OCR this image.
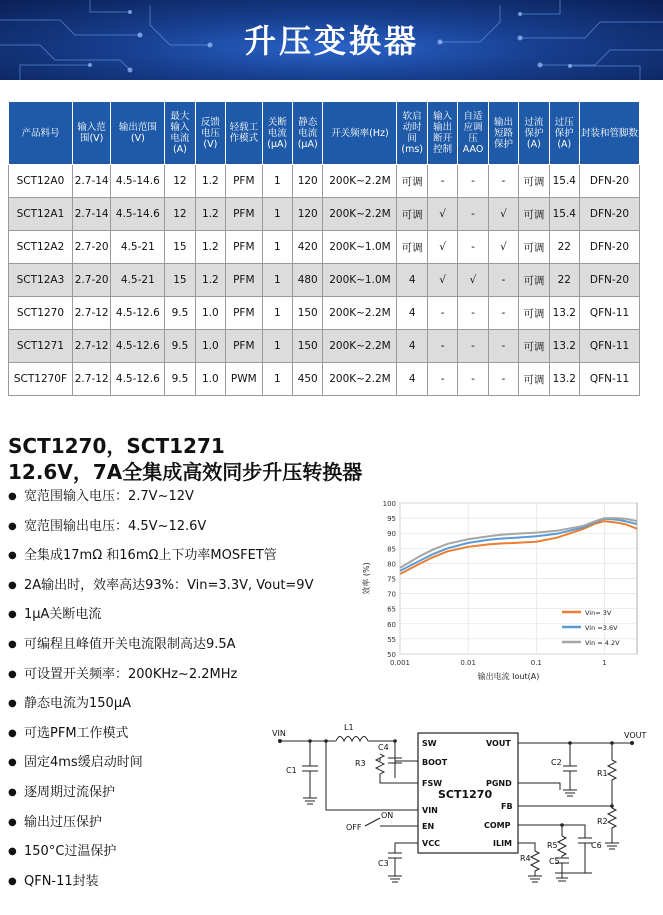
升压变换器
产品料号	输入范围(V)	输出范围(V)	最大输入电流(A)	反馈电压(V)	轻载工作模式	关断电流(μA)	静态电流(μA)	开关频率(Hz)	软启动时间(ms)	输入输出断开控制	自适应调压AAO	输出短路保护	过流保护(A)	过压保护(A)	封装和管脚数
SCT12A0	2.7-14	4.5-14.6	12	1.2	PFM	1	120	200K~2.2M	可调	-	-	-	可调	15.4	DFN-20
SCT12A1	2.7-14	4.5-14.6	12	1.2	PFM	1	120	200K~2.2M	可调	√	-	√	可调	15.4	DFN-20
SCT12A2	2.7-20	4.5-21	15	1.2	PFM	1	420	200K~1.0M	可调	√	-	√	可调	22	DFN-20
SCT12A3	2.7-20	4.5-21	15	1.2	PFM	1	480	200K~1.0M	4	√	√	-	可调	22	DFN-20
SCT1270	2.7-12	4.5-12.6	9.5	1.0	PFM	1	150	200K~2.2M	4	-	-	-	可调	13.2	QFN-11
SCT1271	2.7-12	4.5-12.6	9.5	1.0	PFM	1	150	200K~2.2M	4	-	-	-	可调	13.2	QFN-11
SCT1270F	2.7-12	4.5-12.6	9.5	1.0	PWM	1	450	200K~2.2M	4	-	-	-	可调	13.2	QFN-11
SCT1270，SCT1271
12.6V，7A全集成高效同步升压转换器
● 宽范围输入电压：2.7V~12V
● 宽范围输出电压：4.5V~12.6V
● 全集成17mΩ 和16mΩ上下功率MOSFET管
● 2A输出时，效率高达93%：Vin=3.3V, Vout=9V
● 1μA关断电流
● 可编程且峰值开关电流限制高达9.5A
● 可设置开关频率：200KHz~2.2MHz
● 静态电流为150μA
● 可选PFM工作模式
● 固定4ms缓启动时间
● 逐周期过流保护
● 输出过压保护
● 150°C过温保护
● QFN-11封装
50
55
60
65
70
75
80
85
90
95
100
0.001	0.01	0.1	1
输出电流 Iout(A)
效率 (%)
Vin= 3V
Vin =3.6V
Vin = 4.2V
VIN	VOUT
L1
C4
R3
C1
C2
R1
R2
R5
C5
C6
R4
C3
OFF
ON
SW
BOOT
FSW
VIN
EN
VCC
VOUT
PGND
FB
COMP
ILIM
SCT1270
